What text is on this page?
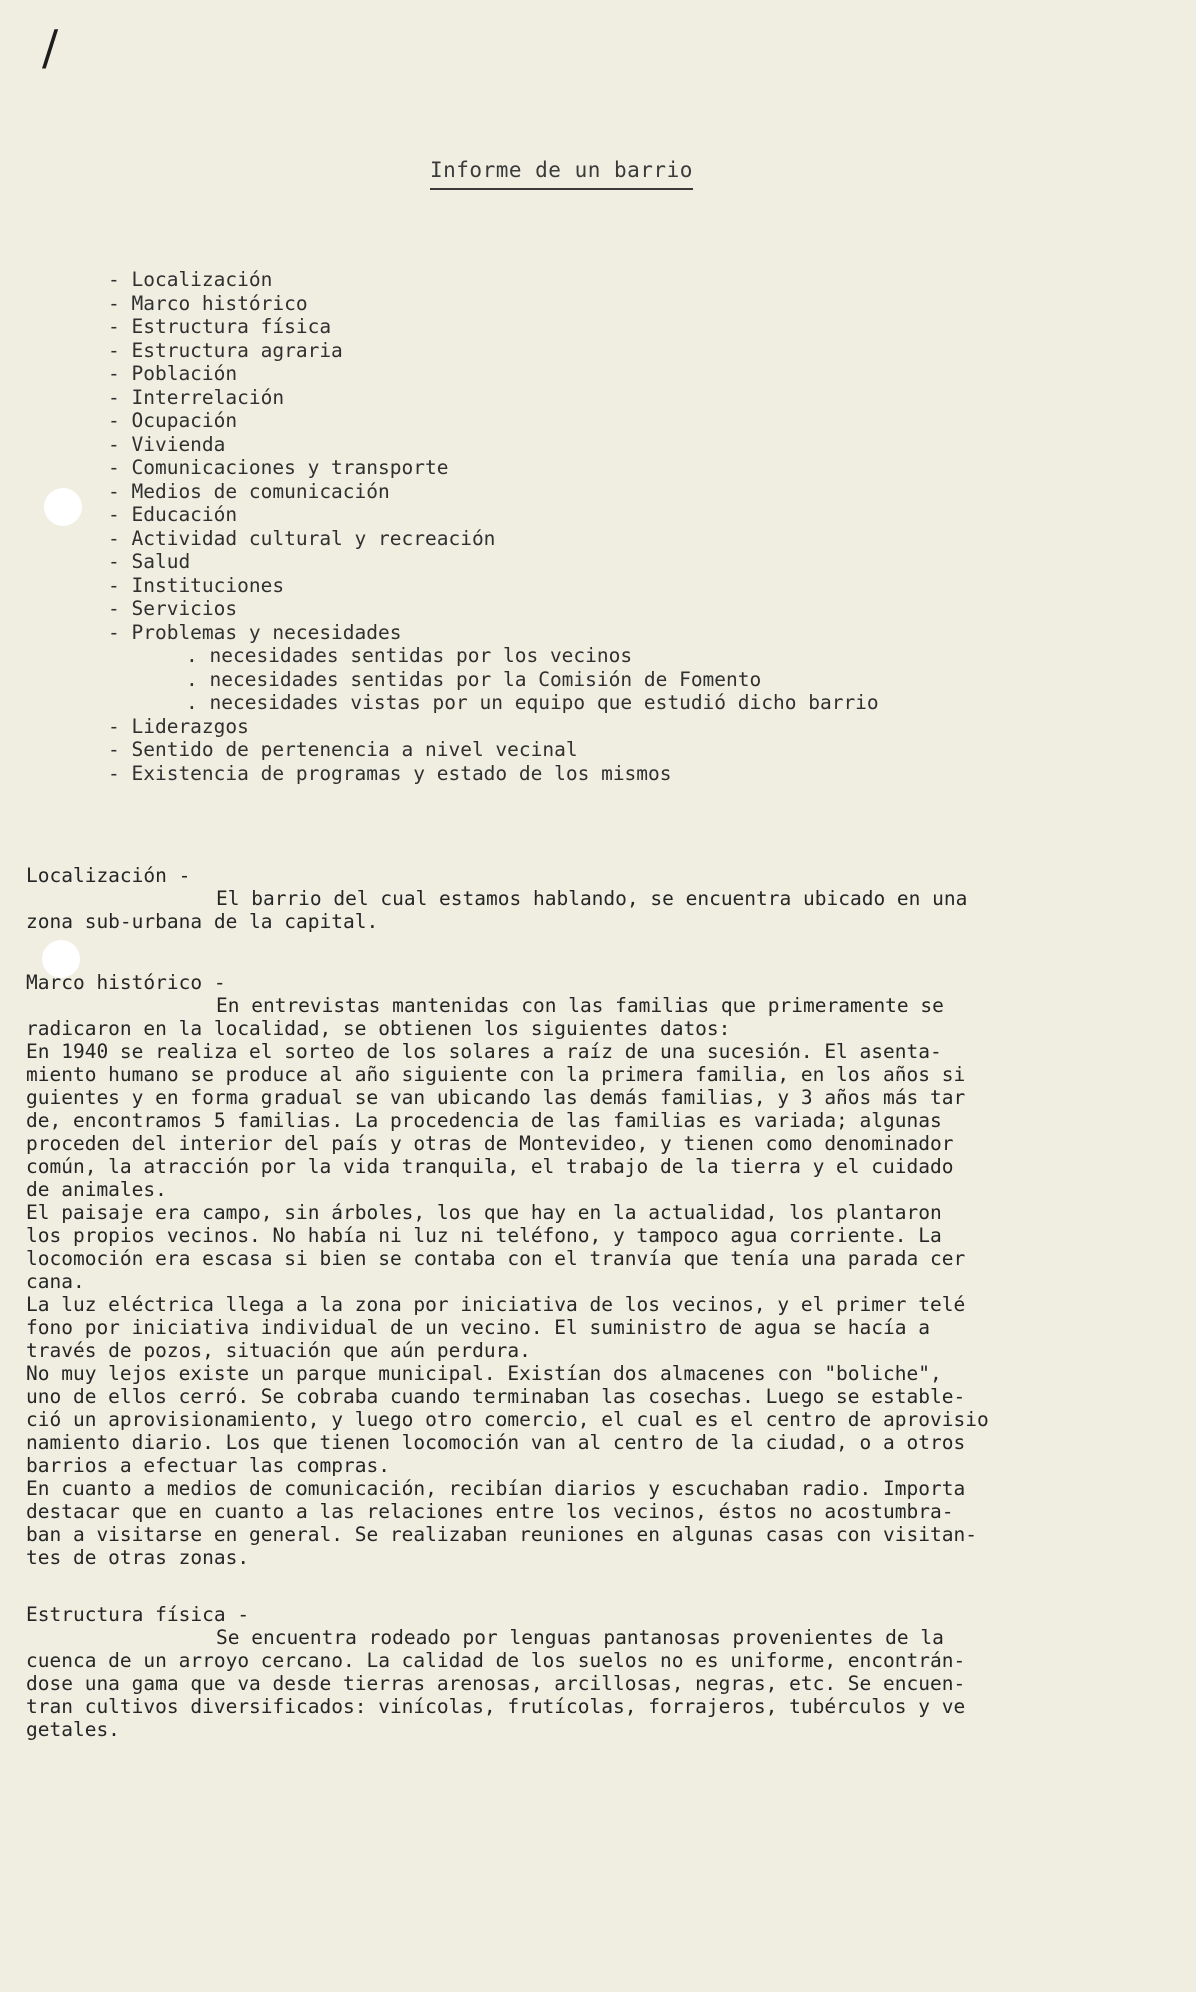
/
Informe de un barrio
- Localización
- Marco histórico
- Estructura física
- Estructura agraria
- Población
- Interrelación
- Ocupación
- Vivienda
- Comunicaciones y transporte
- Medios de comunicación
- Educación
- Actividad cultural y recreación
- Salud
- Instituciones
- Servicios
- Problemas y necesidades
. necesidades sentidas por los vecinos
. necesidades sentidas por la Comisión de Fomento
. necesidades vistas por un equipo que estudió dicho barrio
- Liderazgos
- Sentido de pertenencia a nivel vecinal
- Existencia de programas y estado de los mismos
Localización -
El barrio del cual estamos hablando, se encuentra ubicado en una
zona sub-urbana de la capital.
Marco histórico -
En entrevistas mantenidas con las familias que primeramente se
radicaron en la localidad, se obtienen los siguientes datos:
En 1940 se realiza el sorteo de los solares a raíz de una sucesión. El asenta-
miento humano se produce al año siguiente con la primera familia, en los años si
guientes y en forma gradual se van ubicando las demás familias, y 3 años más tar
de, encontramos 5 familias. La procedencia de las familias es variada; algunas
proceden del interior del país y otras de Montevideo, y tienen como denominador
común, la atracción por la vida tranquila, el trabajo de la tierra y el cuidado
de animales.
El paisaje era campo, sin árboles, los que hay en la actualidad, los plantaron
los propios vecinos. No había ni luz ni teléfono, y tampoco agua corriente. La
locomoción era escasa si bien se contaba con el tranvía que tenía una parada cer
cana.
La luz eléctrica llega a la zona por iniciativa de los vecinos, y el primer telé
fono por iniciativa individual de un vecino. El suministro de agua se hacía a
través de pozos, situación que aún perdura.
No muy lejos existe un parque municipal. Existían dos almacenes con "boliche",
uno de ellos cerró. Se cobraba cuando terminaban las cosechas. Luego se estable-
ció un aprovisionamiento, y luego otro comercio, el cual es el centro de aprovisio
namiento diario. Los que tienen locomoción van al centro de la ciudad, o a otros
barrios a efectuar las compras.
En cuanto a medios de comunicación, recibían diarios y escuchaban radio. Importa
destacar que en cuanto a las relaciones entre los vecinos, éstos no acostumbra-
ban a visitarse en general. Se realizaban reuniones en algunas casas con visitan-
tes de otras zonas.
Estructura física -
Se encuentra rodeado por lenguas pantanosas provenientes de la
cuenca de un arroyo cercano. La calidad de los suelos no es uniforme, encontrán-
dose una gama que va desde tierras arenosas, arcillosas, negras, etc. Se encuen-
tran cultivos diversificados: vinícolas, frutícolas, forrajeros, tubérculos y ve
getales.
